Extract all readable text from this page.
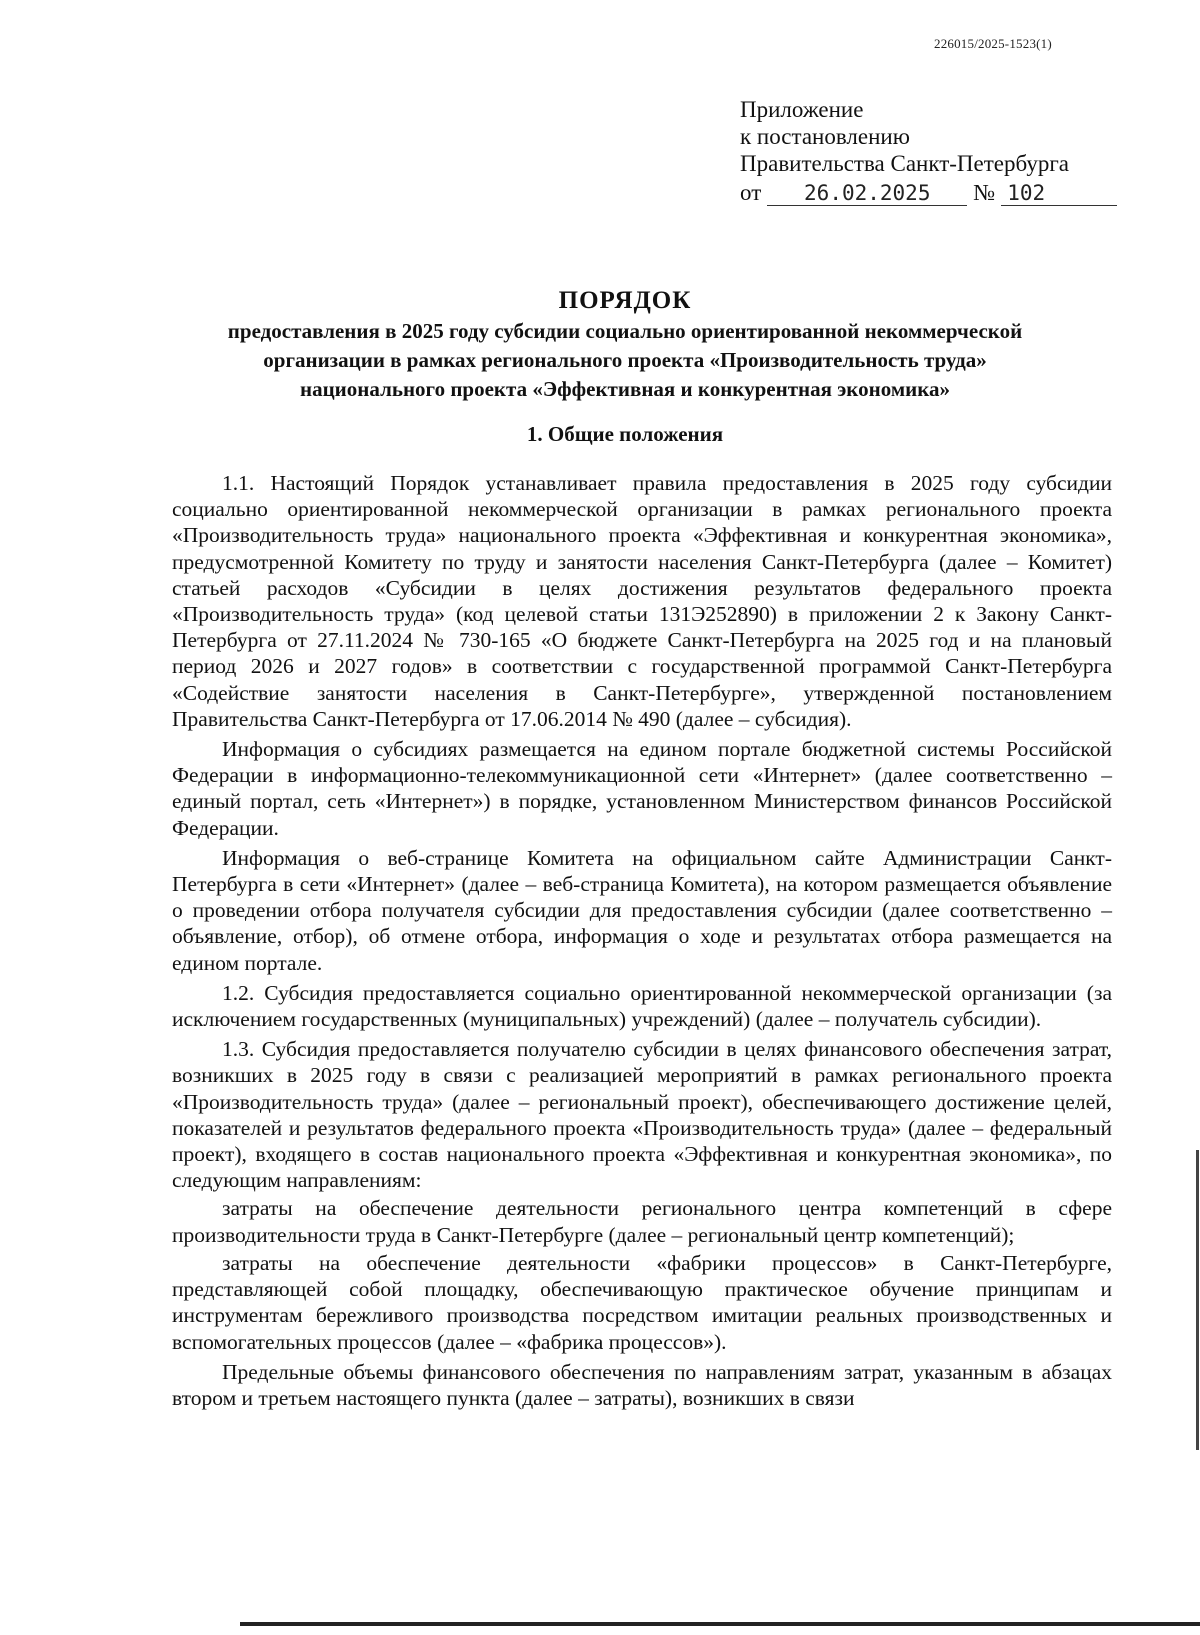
226015/2025-1523(1)
Приложение
к постановлению
Правительства Санкт-Петербурга
от	26.02.2025	№ 102
ПОРЯДОК
предоставления в 2025 году субсидии социально ориентированной некоммерческой
организации в рамках регионального проекта «Производительность труда»
национального проекта «Эффективная и конкурентная экономика»
1. Общие положения

1.1. Настоящий Порядок устанавливает правила предоставления в 2025 году субсидии социально ориентированной некоммерческой организации в рамках регионального проекта «Производительность труда» национального проекта «Эффективная и конкурентная экономика», предусмотренной Комитету по труду и занятости населения Санкт-Петербурга (далее – Комитет) статьей расходов «Субсидии в целях достижения результатов федерального проекта «Производительность труда» (код целевой статьи 131Э252890) в приложении 2 к Закону Санкт-Петербурга от 27.11.2024 № 730-165 «О бюджете Санкт-Петербурга на 2025 год и на плановый период 2026 и 2027 годов» в соответствии с государственной программой Санкт-Петербурга «Содействие занятости населения в Санкт-Петербурге», утвержденной постановлением Правительства Санкт-Петербурга от 17.06.2014 № 490 (далее – субсидия).

Информация о субсидиях размещается на едином портале бюджетной системы Российской Федерации в информационно-телекоммуникационной сети «Интернет» (далее соответственно – единый портал, сеть «Интернет») в порядке, установленном Министерством финансов Российской Федерации.

Информация о веб-странице Комитета на официальном сайте Администрации Санкт-Петербурга в сети «Интернет» (далее – веб-страница Комитета), на котором размещается объявление о проведении отбора получателя субсидии для предоставления субсидии (далее соответственно – объявление, отбор), об отмене отбора, информация о ходе и результатах отбора размещается на едином портале.

1.2. Субсидия предоставляется социально ориентированной некоммерческой организации (за исключением государственных (муниципальных) учреждений) (далее – получатель субсидии).

1.3. Субсидия предоставляется получателю субсидии в целях финансового обеспечения затрат, возникших в 2025 году в связи с реализацией мероприятий в рамках регионального проекта «Производительность труда» (далее – региональный проект), обеспечивающего достижение целей, показателей и результатов федерального проекта «Производительность труда» (далее – федеральный проект), входящего в состав национального проекта «Эффективная и конкурентная экономика», по следующим направлениям:

затраты на обеспечение деятельности регионального центра компетенций в сфере производительности труда в Санкт-Петербурге (далее – региональный центр компетенций);

затраты на обеспечение деятельности «фабрики процессов» в Санкт-Петербурге, представляющей собой площадку, обеспечивающую практическое обучение принципам и инструментам бережливого производства посредством имитации реальных производственных и вспомогательных процессов (далее – «фабрика процессов»).

Предельные объемы финансового обеспечения по направлениям затрат, указанным в абзацах втором и третьем настоящего пункта (далее – затраты), возникших в связи
